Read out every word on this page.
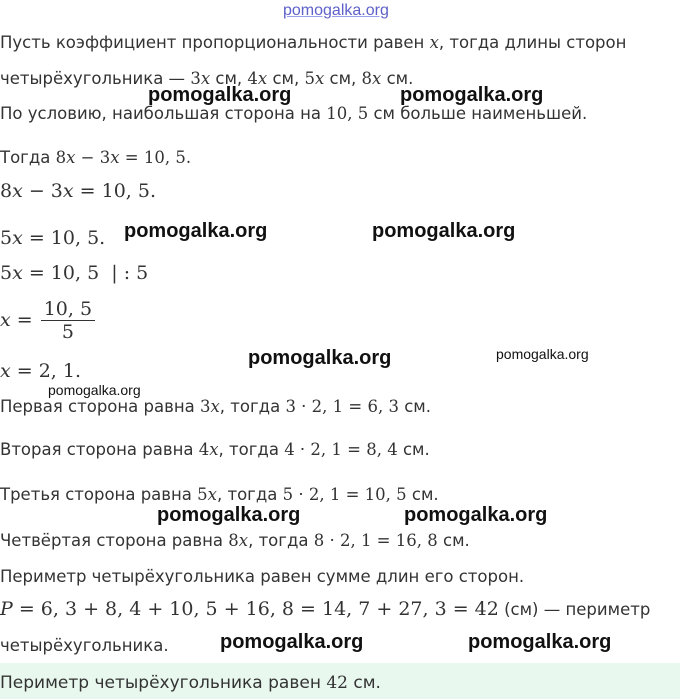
pomogalka.org
Пусть коэффициент пропорциональности равен x, тогда длины сторон
четырёхугольника — 3x см, 4x см, 5x см, 8x см.
По условию, наибольшая сторона на 10, 5 см больше наименьшей.
Тогда 8x − 3x = 10, 5.
8x − 3x = 10, 5.
5x = 10, 5.
5x = 10, 5  | : 5
$x = \frac{10, 5}{5}$
x = 2, 1.
Первая сторона равна 3x, тогда 3 · 2, 1 = 6, 3 см.
Вторая сторона равна 4x, тогда 4 · 2, 1 = 8, 4 см.
Третья сторона равна 5x, тогда 5 · 2, 1 = 10, 5 см.
Четвёртая сторона равна 8x, тогда 8 · 2, 1 = 16, 8 см.
Периметр четырёхугольника равен сумме длин его сторон.
P = 6, 3 + 8, 4 + 10, 5 + 16, 8 = 14, 7 + 27, 3 = 42 (см) — периметр
четырёхугольника.
Периметр четырёхугольника равен 42 см.
pomogalka.org	pomogalka.org
pomogalka.org	pomogalka.org
pomogalka.org	pomogalka.org
pomogalka.org
pomogalka.org	pomogalka.org
pomogalka.org	pomogalka.org
